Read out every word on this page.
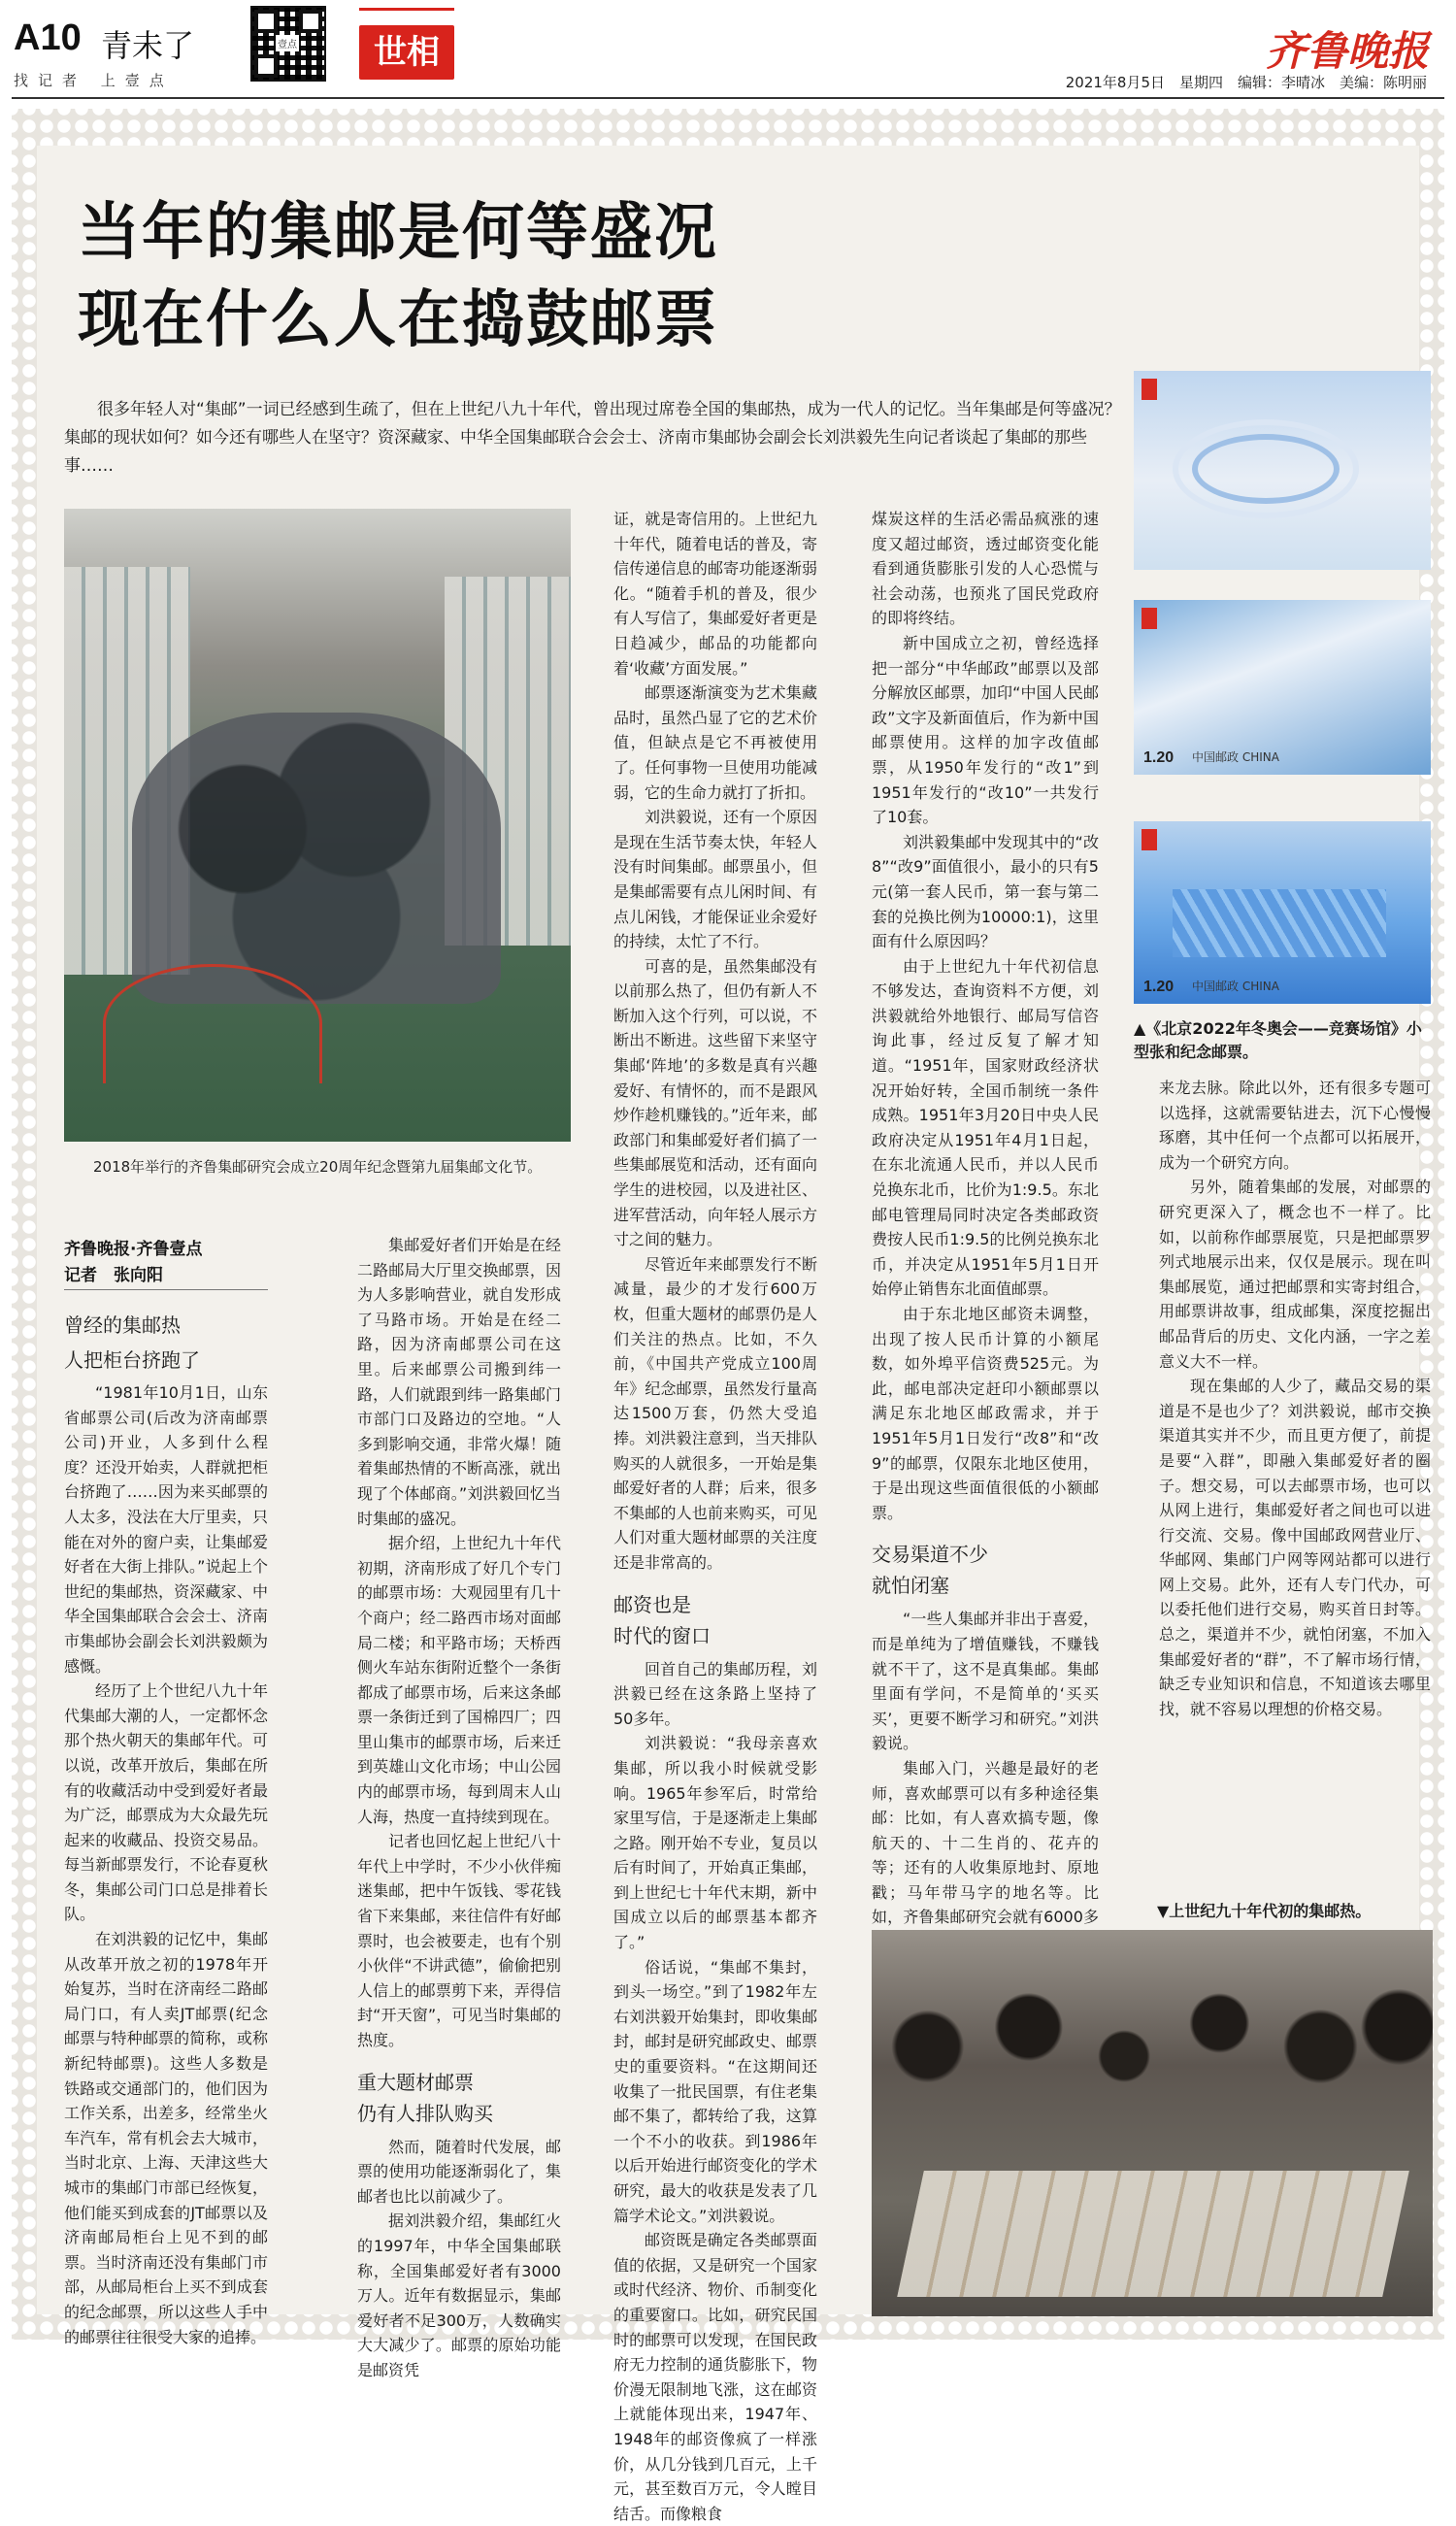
A10 青未了
找记者 上壹点
壹点	世相	齐鲁晚报
2021年8月5日　星期四　编辑：李晴冰　美编：陈明丽
当年的集邮是何等盛况
现在什么人在捣鼓邮票
很多年轻人对“集邮”一词已经感到生疏了，但在上世纪八九十年代，曾出现过席卷全国的集邮热，成为一代人的记忆。当年集邮是何等盛况？集邮的现状如何？如今还有哪些人在坚守？资深藏家、中华全国集邮联合会会士、济南市集邮协会副会长刘洪毅先生向记者谈起了集邮的那些事……
1.20 中国邮政 CHINA
1.20 中国邮政 CHINA
▲《北京2022年冬奥会——竞赛场馆》小型张和纪念邮票。
2018年举行的齐鲁集邮研究会成立20周年纪念暨第九届集邮文化节。
齐鲁晚报·齐鲁壹点
记者　张向阳
曾经的集邮热
人把柜台挤跑了

“1981年10月1日，山东省邮票公司(后改为济南邮票公司)开业，人多到什么程度？还没开始卖，人群就把柜台挤跑了……因为来买邮票的人太多，没法在大厅里卖，只能在对外的窗户卖，让集邮爱好者在大街上排队。”说起上个世纪的集邮热，资深藏家、中华全国集邮联合会会士、济南市集邮协会副会长刘洪毅颇为感慨。

经历了上个世纪八九十年代集邮大潮的人，一定都怀念那个热火朝天的集邮年代。可以说，改革开放后，集邮在所有的收藏活动中受到爱好者最为广泛，邮票成为大众最先玩起来的收藏品、投资交易品。每当新邮票发行，不论春夏秋冬，集邮公司门口总是排着长队。

在刘洪毅的记忆中，集邮从改革开放之初的1978年开始复苏，当时在济南经二路邮局门口，有人卖JT邮票(纪念邮票与特种邮票的简称，或称新纪特邮票)。这些人多数是铁路或交通部门的，他们因为工作关系，出差多，经常坐火车汽车，常有机会去大城市，当时北京、上海、天津这些大城市的集邮门市部已经恢复，他们能买到成套的JT邮票以及济南邮局柜台上见不到的邮票。当时济南还没有集邮门市部，从邮局柜台上买不到成套的纪念邮票，所以这些人手中的邮票往往很受大家的追捧。

集邮爱好者们开始是在经二路邮局大厅里交换邮票，因为人多影响营业，就自发形成了马路市场。开始是在经二路，因为济南邮票公司在这里。后来邮票公司搬到纬一路，人们就跟到纬一路集邮门市部门口及路边的空地。“人多到影响交通，非常火爆！随着集邮热情的不断高涨，就出现了个体邮商。”刘洪毅回忆当时集邮的盛况。

据介绍，上世纪九十年代初期，济南形成了好几个专门的邮票市场：大观园里有几十个商户；经二路西市场对面邮局二楼；和平路市场；天桥西侧火车站东街附近整个一条街都成了邮票市场，后来这条邮票一条街迁到了国棉四厂；四里山集市的邮票市场，后来迁到英雄山文化市场；中山公园内的邮票市场，每到周末人山人海，热度一直持续到现在。

记者也回忆起上世纪八十年代上中学时，不少小伙伴痴迷集邮，把中午饭钱、零花钱省下来集邮，来往信件有好邮票时，也会被要走，也有个别小伙伴“不讲武德”，偷偷把别人信上的邮票剪下来，弄得信封“开天窗”，可见当时集邮的热度。

重大题材邮票
仍有人排队购买

然而，随着时代发展，邮票的使用功能逐渐弱化了，集邮者也比以前减少了。

据刘洪毅介绍，集邮红火的1997年，中华全国集邮联称，全国集邮爱好者有3000万人。近年有数据显示，集邮爱好者不足300万，人数确实大大减少了。邮票的原始功能是邮资凭

证，就是寄信用的。上世纪九十年代，随着电话的普及，寄信传递信息的邮寄功能逐渐弱化。“随着手机的普及，很少有人写信了，集邮爱好者更是日趋减少，邮品的功能都向着‘收藏’方面发展。”

邮票逐渐演变为艺术集藏品时，虽然凸显了它的艺术价值，但缺点是它不再被使用了。任何事物一旦使用功能减弱，它的生命力就打了折扣。

刘洪毅说，还有一个原因是现在生活节奏太快，年轻人没有时间集邮。邮票虽小，但是集邮需要有点儿闲时间、有点儿闲钱，才能保证业余爱好的持续，太忙了不行。

可喜的是，虽然集邮没有以前那么热了，但仍有新人不断加入这个行列，可以说，不断出不断进。这些留下来坚守集邮‘阵地’的多数是真有兴趣爱好、有情怀的，而不是跟风炒作趁机赚钱的。”近年来，邮政部门和集邮爱好者们搞了一些集邮展览和活动，还有面向学生的进校园，以及进社区、进军营活动，向年轻人展示方寸之间的魅力。

尽管近年来邮票发行不断减量，最少的才发行600万枚，但重大题材的邮票仍是人们关注的热点。比如，不久前，《中国共产党成立100周年》纪念邮票，虽然发行量高达1500万套，仍然大受追捧。刘洪毅注意到，当天排队购买的人就很多，一开始是集邮爱好者的人群；后来，很多不集邮的人也前来购买，可见人们对重大题材邮票的关注度还是非常高的。

邮资也是
时代的窗口

回首自己的集邮历程，刘洪毅已经在这条路上坚持了50多年。

刘洪毅说：“我母亲喜欢集邮，所以我小时候就受影响。1965年参军后，时常给家里写信，于是逐渐走上集邮之路。刚开始不专业，复员以后有时间了，开始真正集邮，到上世纪七十年代末期，新中国成立以后的邮票基本都齐了。”

俗话说，“集邮不集封，到头一场空。”到了1982年左右刘洪毅开始集封，即收集邮封，邮封是研究邮政史、邮票史的重要资料。“在这期间还收集了一批民国票，有住老集邮不集了，都转给了我，这算一个不小的收获。到1986年以后开始进行邮资变化的学术研究，最大的收获是发表了几篇学术论文。”刘洪毅说。

邮资既是确定各类邮票面值的依据，又是研究一个国家或时代经济、物价、币制变化的重要窗口。比如，研究民国时的邮票可以发现，在国民政府无力控制的通货膨胀下，物价漫无限制地飞涨，这在邮资上就能体现出来，1947年、1948年的邮资像疯了一样涨价，从几分钱到几百元，上千元，甚至数百万元，令人瞠目结舌。而像粮食

煤炭这样的生活必需品疯涨的速度又超过邮资，透过邮资变化能看到通货膨胀引发的人心恐慌与社会动荡，也预兆了国民党政府的即将终结。

新中国成立之初，曾经选择把一部分“中华邮政”邮票以及部分解放区邮票，加印“中国人民邮政”文字及新面值后，作为新中国邮票使用。这样的加字改值邮票，从1950年发行的“改1”到1951年发行的“改10”一共发行了10套。

刘洪毅集邮中发现其中的“改8”“改9”面值很小，最小的只有5元(第一套人民币，第一套与第二套的兑换比例为10000:1)，这里面有什么原因吗？

由于上世纪九十年代初信息不够发达，查询资料不方便，刘洪毅就给外地银行、邮局写信咨询此事，经过反复了解才知道。“1951年，国家财政经济状况开始好转，全国币制统一条件成熟。1951年3月20日中央人民政府决定从1951年4月1日起，在东北流通人民币，并以人民币兑换东北币，比价为1:9.5。东北邮电管理局同时决定各类邮政资费按人民币1:9.5的比例兑换东北币，并决定从1951年5月1日开始停止销售东北面值邮票。

由于东北地区邮资未调整，出现了按人民币计算的小额尾数，如外埠平信资费525元。为此，邮电部决定赶印小额邮票以满足东北地区邮政需求，并于1951年5月1日发行“改8”和“改9”的邮票，仅限东北地区使用，于是出现这些面值很低的小额邮票。

交易渠道不少
就怕闭塞

“一些人集邮并非出于喜爱，而是单纯为了增值赚钱，不赚钱就不干了，这不是真集邮。集邮里面有学问，不是简单的‘买买买’，更要不断学习和研究。”刘洪毅说。

集邮入门，兴趣是最好的老师，喜欢邮票可以有多种途径集邮：比如，有人喜欢搞专题，像航天的、十二生肖的、花卉的等；还有的人收集原地封、原地戳；马年带马字的地名等。比如，齐鲁集邮研究会就有6000多

来龙去脉。除此以外，还有很多专题可以选择，这就需要钻进去，沉下心慢慢琢磨，其中任何一个点都可以拓展开，成为一个研究方向。

另外，随着集邮的发展，对邮票的研究更深入了，概念也不一样了。比如，以前称作邮票展览，只是把邮票罗列式地展示出来，仅仅是展示。现在叫集邮展览，通过把邮票和实寄封组合，用邮票讲故事，组成邮集，深度挖掘出邮品背后的历史、文化内涵，一字之差意义大不一样。

现在集邮的人少了，藏品交易的渠道是不是也少了？刘洪毅说，邮市交换渠道其实并不少，而且更方便了，前提是要“入群”，即融入集邮爱好者的圈子。想交易，可以去邮票市场，也可以从网上进行，集邮爱好者之间也可以进行交流、交易。像中国邮政网营业厅、华邮网、集邮门户网等网站都可以进行网上交易。此外，还有人专门代办，可以委托他们进行交易，购买首日封等。总之，渠道并不少，就怕闭塞，不加入集邮爱好者的“群”，不了解市场行情，缺乏专业知识和信息，不知道该去哪里找，就不容易以理想的价格交易。

▼上世纪九十年代初的集邮热。
